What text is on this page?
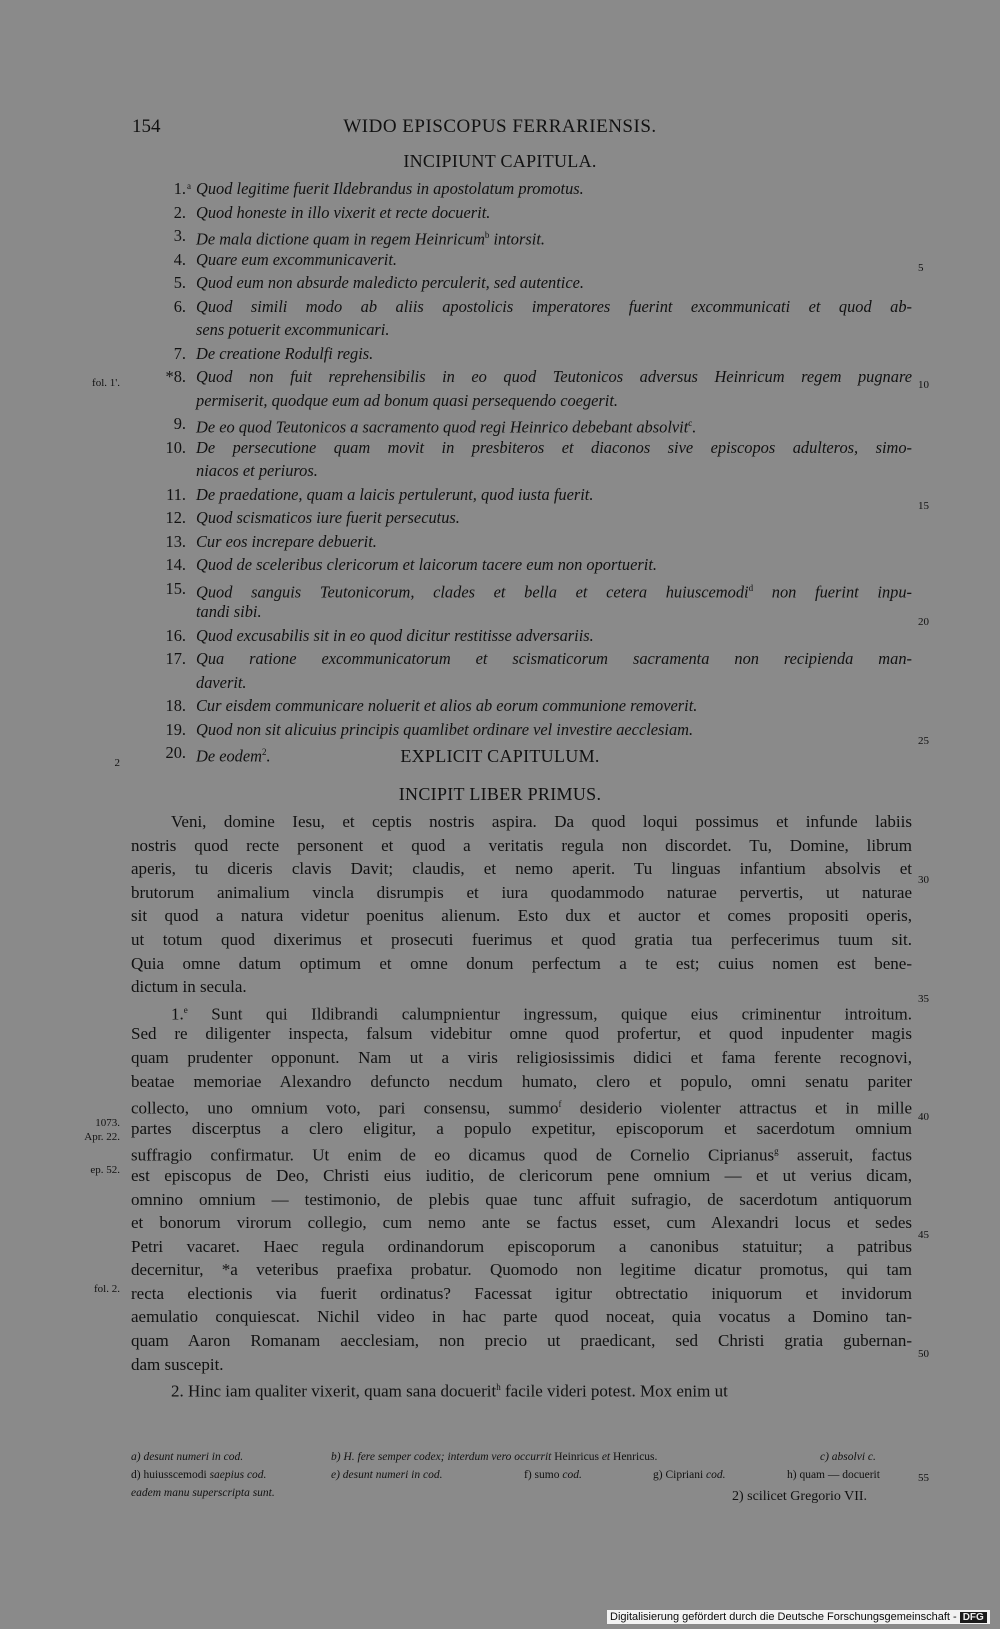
154	WIDO EPISCOPUS FERRARIENSIS.
INCIPIUNT CAPITULA.
1. a Quod legitime fuerit Ildebrandus in apostolatum promotus.
2. Quod honeste in illo vixerit et recte docuerit.
3. De mala dictione quam in regem Heinricum$^b$ intorsit.
4. Quare eum excommunicaverit.
5. Quod eum non absurde maledicto perculerit, sed autentice.
6. Quod simili modo ab aliis apostolicis imperatores fuerint excommunicati et quod ab-
sens potuerit excommunicari.
7. De creatione Rodulfi regis.
*8. Quod non fuit reprehensibilis in eo quod Teutonicos adversus Heinricum regem pugnare
permiserit, quodque eum ad bonum quasi persequendo coegerit.
9. De eo quod Teutonicos a sacramento quod regi Heinrico debebant absolvit$^c$.
10. De persecutione quam movit in presbiteros et diaconos sive episcopos adulteros, simo-
niacos et periuros.
11. De praedatione, quam a laicis pertulerunt, quod iusta fuerit.
12. Quod scismaticos iure fuerit persecutus.
13. Cur eos increpare debuerit.
14. Quod de sceleribus clericorum et laicorum tacere eum non oportuerit.
15. Quod sanguis Teutonicorum, clades et bella et cetera huiuscemodi$^d$ non fuerint inpu-
tandi sibi.
16. Quod excusabilis sit in eo quod dicitur restitisse adversariis.
17. Qua ratione excommunicatorum et scismaticorum sacramenta non recipienda man-
daverit.
18. Cur eisdem communicare noluerit et alios ab eorum communione removerit.
19. Quod non sit alicuius principis quamlibet ordinare vel investire aecclesiam.
20. De eodem$^2$.	EXPLICIT CAPITULUM.
INCIPIT LIBER PRIMUS.
Veni, domine Iesu, et ceptis nostris aspira. Da quod loqui possimus et infunde labiis
nostris quod recte personent et quod a veritatis regula non discordet. Tu, Domine, librum
aperis, tu diceris clavis Davit; claudis, et nemo aperit. Tu linguas infantium absolvis et
brutorum animalium vincla disrumpis et iura quodammodo naturae pervertis, ut naturae
sit quod a natura videtur poenitus alienum. Esto dux et auctor et comes propositi operis,
ut totum quod dixerimus et prosecuti fuerimus et quod gratia tua perfecerimus tuum sit.
Quia omne datum optimum et omne donum perfectum a te est; cuius nomen est bene-
dictum in secula.
1.$^e$ Sunt qui Ildibrandi calumpnientur ingressum, quique eius criminentur introitum.
Sed re diligenter inspecta, falsum videbitur omne quod profertur, et quod inpudenter magis
quam prudenter opponunt. Nam ut a viris religiosissimis didici et fama ferente recognovi,
beatae memoriae Alexandro defuncto necdum humato, clero et populo, omni senatu pariter
collecto, uno omnium voto, pari consensu, summo$^f$ desiderio violenter attractus et in mille
partes discerptus a clero eligitur, a populo expetitur, episcoporum et sacerdotum omnium
suffragio confirmatur. Ut enim de eo dicamus quod de Cornelio Ciprianus$^g$ asseruit, factus
est episcopus de Deo, Christi eius iuditio, de clericorum pene omnium — et ut verius dicam,
omnino omnium — testimonio, de plebis quae tunc affuit sufragio, de sacerdotum antiquorum
et bonorum virorum collegio, cum nemo ante se factus esset, cum Alexandri locus et sedes
Petri vacaret. Haec regula ordinandorum episcoporum a canonibus statuitur; a patribus
decernitur, *a veteribus praefixa probatur. Quomodo non legitime dicatur promotus, qui tam
recta electionis via fuerit ordinatus? Facessat igitur obtrectatio iniquorum et invidorum
aemulatio conquiescat. Nichil video in hac parte quod noceat, quia vocatus a Domino tan-
quam Aaron Romanam aecclesiam, non precio ut praedicant, sed Christi gratia gubernan-
dam suscepit.
2. Hinc iam qualiter vixerit, quam sana docuerit$^h$ facile videri potest. Mox enim ut
fol. 1'.
2
1073.
Apr. 22.
ep. 52.
fol. 2.
5
10
15
20
25
30
35
40
45
50
55
a) desunt numeri in cod.	b) H. fere semper codex; interdum vero occurrit Heinricus et Henricus.	c) absolvi c.
d) huiusscemodi saepius cod.	e) desunt numeri in cod.	f) sumo cod.	g) Cipriani cod.	h) quam — docuerit
eadem manu superscripta sunt.	2) scilicet Gregorio VII.
Digitalisierung gefördert durch die Deutsche Forschungsgemeinschaft - DFG
